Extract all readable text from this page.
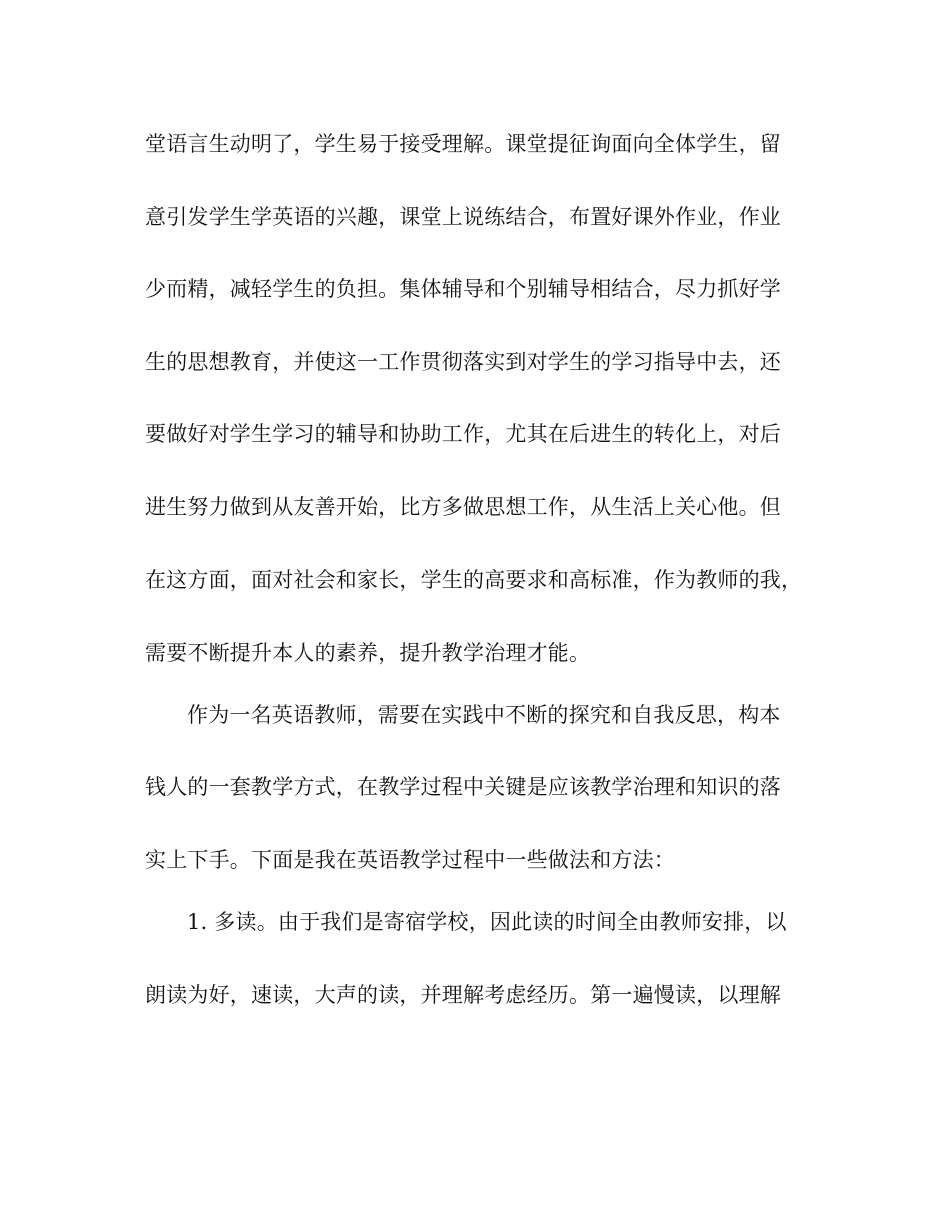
堂语言生动明了，学生易于接受理解。课堂提征询面向全体学生，留

意引发学生学英语的兴趣，课堂上说练结合，布置好课外作业，作业

少而精，减轻学生的负担。集体辅导和个别辅导相结合，尽力抓好学

生的思想教育，并使这一工作贯彻落实到对学生的学习指导中去，还

要做好对学生学习的辅导和协助工作，尤其在后进生的转化上，对后

进生努力做到从友善开始，比方多做思想工作，从生活上关心他。但

在这方面，面对社会和家长，学生的高要求和高标准，作为教师的我，

需要不断提升本人的素养，提升教学治理才能。

作为一名英语教师，需要在实践中不断的探究和自我反思，构本

钱人的一套教学方式，在教学过程中关键是应该教学治理和知识的落

实上下手。下面是我在英语教学过程中一些做法和方法：

1. 多读。由于我们是寄宿学校，因此读的时间全由教师安排，以

朗读为好，速读，大声的读，并理解考虑经历。第一遍慢读，以理解
